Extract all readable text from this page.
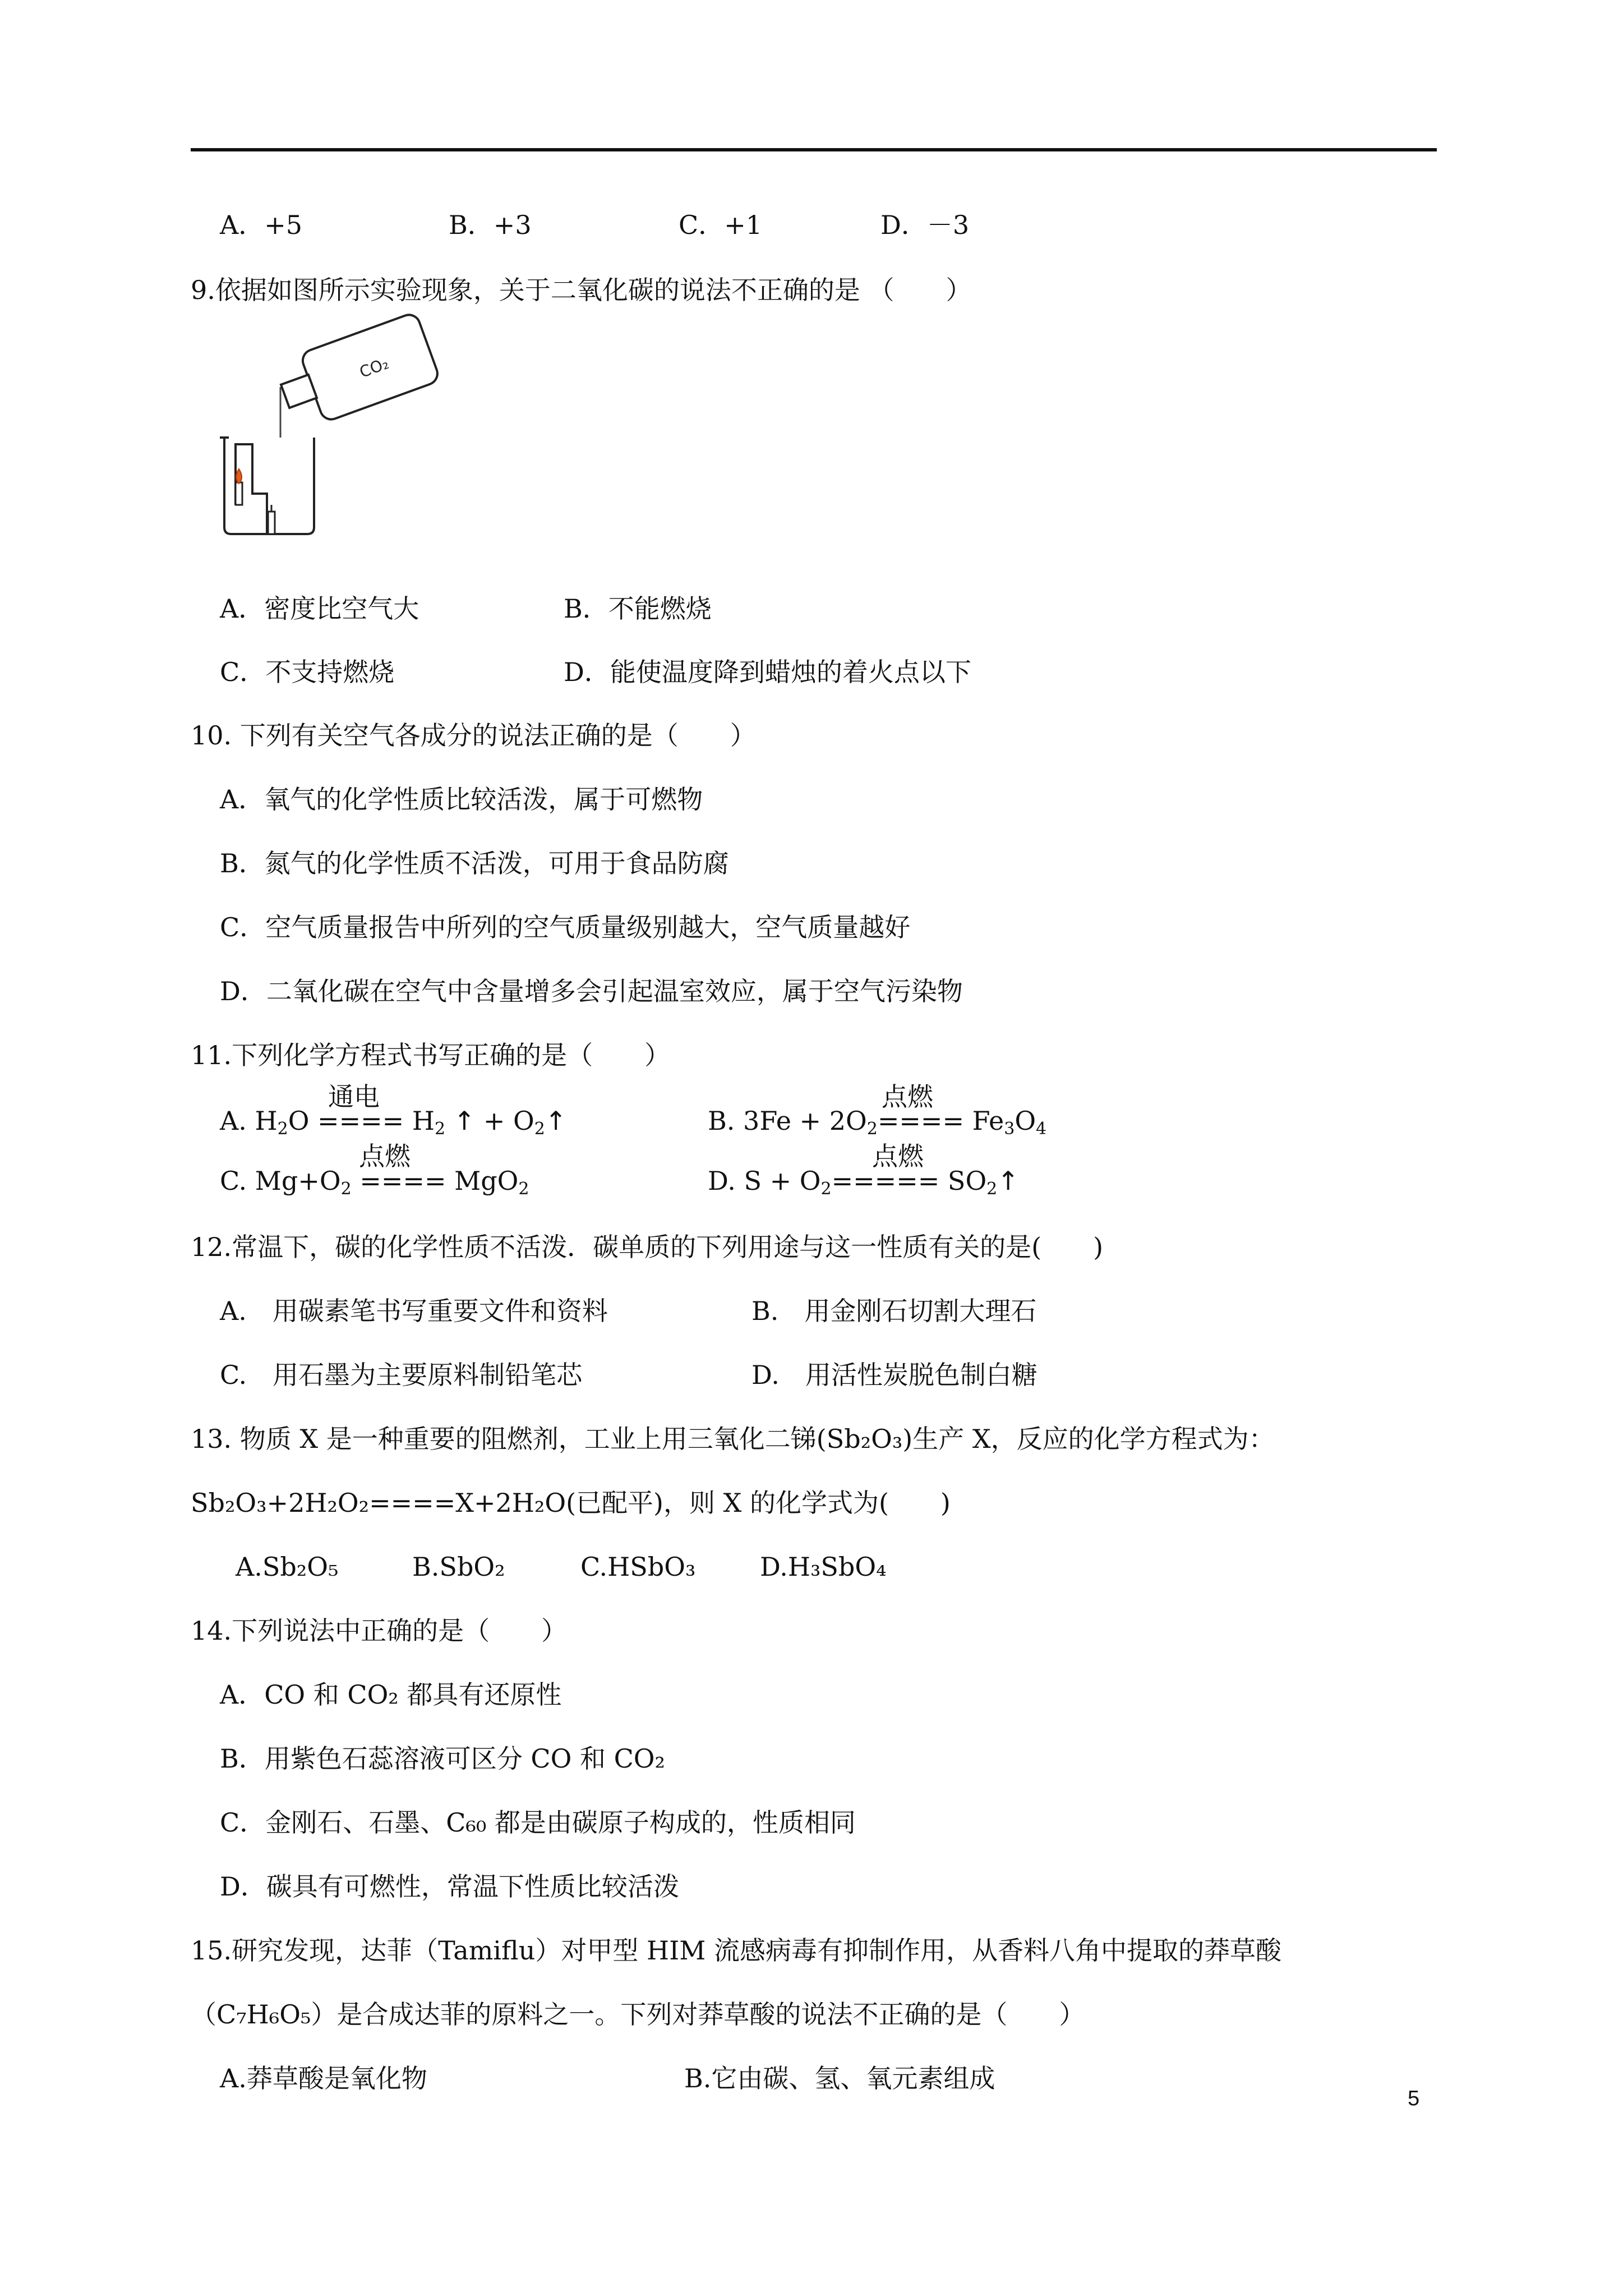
A．+5	B．+3	C．+1	D．－3
9.依据如图所示实验现象，关于二氧化碳的说法不正确的是 （　　）
CO₂
A．密度比空气大	B．不能燃烧
C．不支持燃烧	D．能使温度降到蜡烛的着火点以下
10. 下列有关空气各成分的说法正确的是（　　）
A．氧气的化学性质比较活泼，属于可燃物
B．氮气的化学性质不活泼，可用于食品防腐
C．空气质量报告中所列的空气质量级别越大，空气质量越好
D．二氧化碳在空气中含量增多会引起温室效应，属于空气污染物
11.下列化学方程式书写正确的是（　　）
通电
A. $H_2O$ ==== $H_2$ ↑ + $O_2↑$
点燃
B. $3Fe + 2O_2==== Fe_3O_4$
点燃
C. $Mg+O_2$ ==== MgO$_2$
点燃
D. $S + O_2=====$ $SO_2↑$
12.常温下，碳的化学性质不活泼．碳单质的下列用途与这一性质有关的是(　　)
A.　用碳素笔书写重要文件和资料	B.　用金刚石切割大理石
C.　用石墨为主要原料制铅笔芯	D.　用活性炭脱色制白糖
13. 物质 X 是一种重要的阻燃剂，工业上用三氧化二锑(Sb₂O₃)生产 X，反应的化学方程式为：
Sb₂O₃+2H₂O₂====X+2H₂O(已配平)，则 X 的化学式为(　　)
A.Sb₂O₅	B.SbO₂	C.HSbO₃ D.H₃SbO₄
14.下列说法中正确的是（　　）
A．CO 和 CO₂ 都具有还原性
B．用紫色石蕊溶液可区分 CO 和 CO₂
C．金刚石、石墨、C₆₀ 都是由碳原子构成的，性质相同
D．碳具有可燃性，常温下性质比较活泼
15.研究发现，达菲（Tamiflu）对甲型 HIM 流感病毒有抑制作用，从香料八角中提取的莽草酸
（C₇H₆O₅）是合成达菲的原料之一。下列对莽草酸的说法不正确的是（　　）
A.莽草酸是氧化物	B.它由碳、氢、氧元素组成
5
